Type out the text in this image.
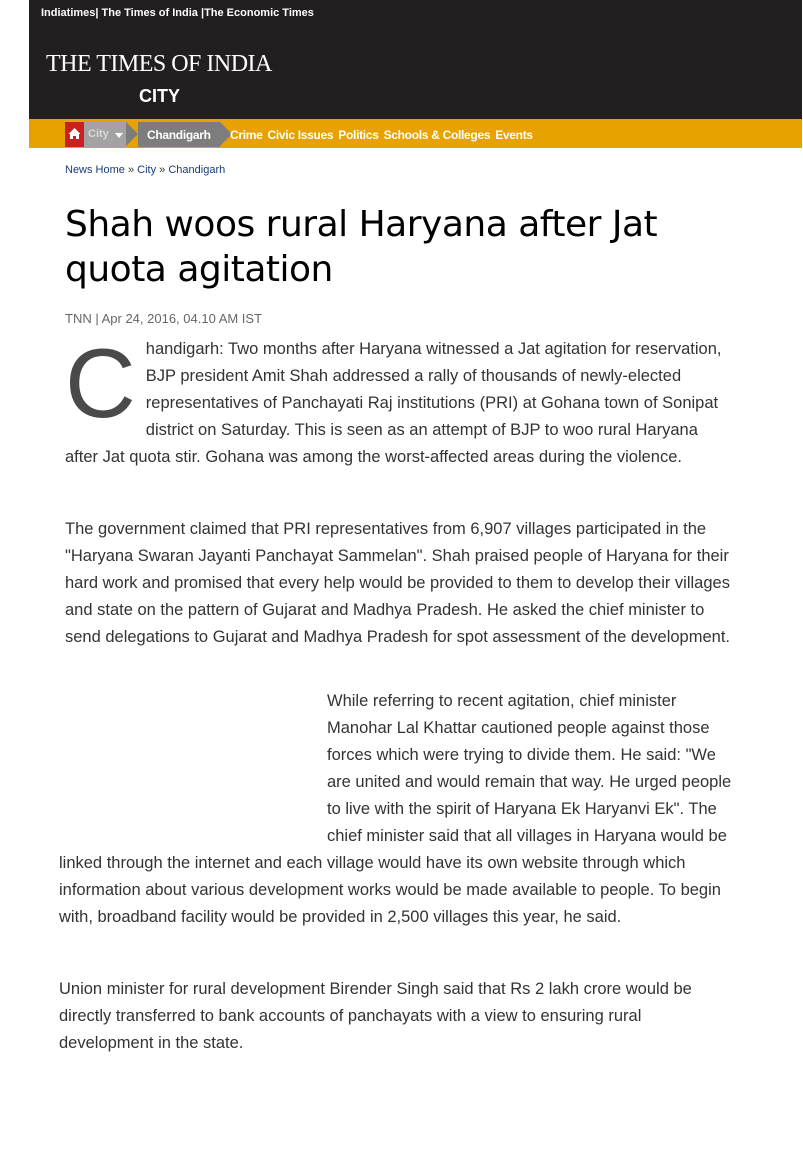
Indiatimes| The Times of India |The Economic Times
THE TIMES OF INDIA
CITY
City	Chandigarh Crime Civic Issues Politics Schools & Colleges Events
News Home » City » Chandigarh
Shah woos rural Haryana after Jat quota agitation
TNN | Apr 24, 2016, 04.10 AM IST

Chandigarh: Two months after Haryana witnessed a Jat agitation for reservation, BJP president Amit Shah addressed a rally of thousands of newly-elected representatives of Panchayati Raj institutions (PRI) at Gohana town of Sonipat district on Saturday. This is seen as an attempt of BJP to woo rural Haryana after Jat quota stir. Gohana was among the worst-affected areas during the violence.

The government claimed that PRI representatives from 6,907 villages participated in the "Haryana Swaran Jayanti Panchayat Sammelan". Shah praised people of Haryana for their hard work and promised that every help would be provided to them to develop their villages and state on the pattern of Gujarat and Madhya Pradesh. He asked the chief minister to send delegations to Gujarat and Madhya Pradesh for spot assessment of the development.

While referring to recent agitation, chief minister Manohar Lal Khattar cautioned people against those forces which were trying to divide them. He said: "We are united and would remain that way. He urged people to live with the spirit of Haryana Ek Haryanvi Ek". The chief minister said that all villages in Haryana would be linked through the internet and each village would have its own website through which information about various development works would be made available to people. To begin with, broadband facility would be provided in 2,500 villages this year, he said.

Union minister for rural development Birender Singh said that Rs 2 lakh crore would be directly transferred to bank accounts of panchayats with a view to ensuring rural development in the state.
